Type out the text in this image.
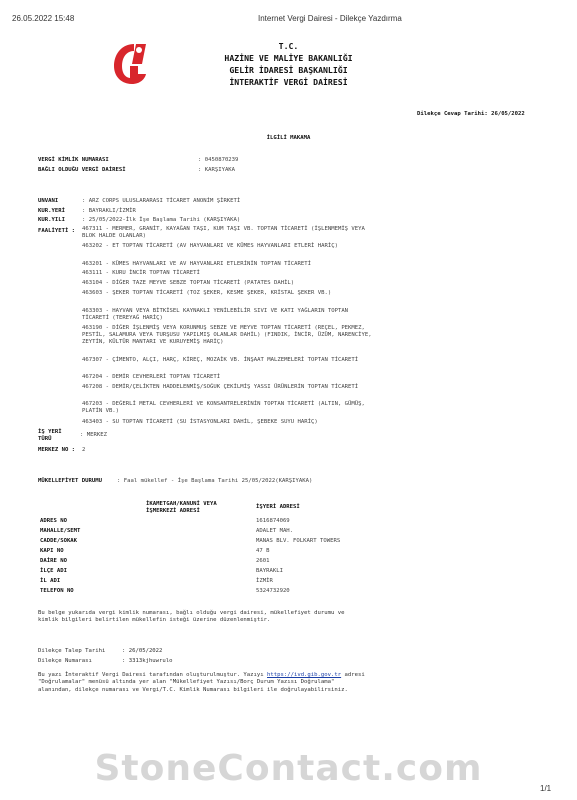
26.05.2022 15:48	Internet Vergi Dairesi - Dilekçe Yazdırma
T.C.
HAZİNE VE MALİYE BAKANLIĞI
GELİR İDARESİ BAŞKANLIĞI
İNTERAKTİF VERGİ DAİRESİ
Dilekçe Cevap Tarihi: 26/05/2022
İLGİLİ MAKAMA
VERGİ KİMLİK NUMARASI	: 0450870239
BAĞLI OLDUĞU VERGİ DAİRESİ	: KARŞIYAKA
UNVANI	: ARZ CORPS ULUSLARARASI TİCARET ANONİM ŞİRKETİ
KUR.YERİ	: BAYRAKLI/İZMİR
KUR.YILI	: 25/05/2022-İlk İşe Başlama Tarihi (KARŞIYAKA)
FAALİYETİ : 467311 - MERMER, GRANİT, KAYAĞAN TAŞI, KUM TAŞI VB. TOPTAN TİCARETİ (İŞLENMEMİŞ VEYA BLOK HALDE OLANLAR)
463202 - ET TOPTAN TİCARETİ (AV HAYVANLARI VE KÜMES HAYVANLARI ETLERİ HARİÇ)
463201 - KÜMES HAYVANLARI VE AV HAYVANLARI ETLERİNİN TOPTAN TİCARETİ
463111 - KURU İNCİR TOPTAN TİCARETİ
463104 - DİĞER TAZE MEYVE SEBZE TOPTAN TİCARETİ (PATATES DAHİL)
463603 - ŞEKER TOPTAN TİCARETİ (TOZ ŞEKER, KESME ŞEKER, KRİSTAL ŞEKER VB.)
463303 - HAYVAN VEYA BİTKİSEL KAYNAKLI YENİLEBİLİR SIVI VE KATI YAĞLARIN TOPTAN TİCARETİ (TEREYAĞ HARİÇ)
463190 - DİĞER İŞLENMİŞ VEYA KORUNMUŞ SEBZE VE MEYVE TOPTAN TİCARETİ (REÇEL, PEKMEZ, PESTİL, SALAMURA VEYA TURŞUSU YAPILMIŞ OLANLAR DAHİL) (FINDIK, İNCİR, ÜZÜM, NARENCİYE, ZEYTİN, KÜLTÜR MANTARI VE KURUYEMİŞ HARİÇ)
467307 - ÇİMENTO, ALÇI, HARÇ, KİREÇ, MOZAİK VB. İNŞAAT MALZEMELERİ TOPTAN TİCARETİ
467204 - DEMİR CEVHERLERİ TOPTAN TİCARETİ
467208 - DEMİR/ÇELİKTEN HADDELENMİŞ/SOĞUK ÇEKİLMİŞ YASSI ÜRÜNLERİN TOPTAN TİCARETİ
467203 - DEĞERLİ METAL CEVHERLERİ VE KONSANTRELERİNİN TOPTAN TİCARETİ (ALTIN, GÜMÜŞ, PLATİN VB.)
463403 - SU TOPTAN TİCARETİ (SU İSTASYONLARI DAHİL, ŞEBEKE SUYU HARİÇ)
İŞ YERİ TÜRÜ
: MERKEZ
MERKEZ NO : 2
MÜKELLEFİYET DURUMU	: Faal mükellef - İşe Başlama Tarihi 25/05/2022(KARŞIYAKA)
İKAMETGAH/KANUNİ VEYA İŞMERKEZİ ADRESİ
İŞYERİ ADRESİ
ADRES NO	1616874069
MAHALLE/SEMT	ADALET MAH.
CADDE/SOKAK	MANAS BLV. FOLKART TOWERS
KAPI NO	47 B
DAİRE NO	2601
İLÇE ADI	BAYRAKLI
İL ADI	İZMİR
TELEFON NO	5324732920
Bu belge yukarıda vergi kimlik numarası, bağlı olduğu vergi dairesi, mükellefiyet durumu ve kimlik bilgileri belirtilen mükellefin isteği üzerine düzenlenmiştir.
Dilekçe Talep Tarihi	: 26/05/2022
Dilekçe Numarası	: 3313kjhuwrulo
Bu yazı İnteraktif Vergi Dairesi tarafından oluşturulmuştur. Yazıyı https://ivd.gib.gov.tr adresi "Doğrulamalar" menüsü altında yer alan "Mükellefiyet Yazısı/Borç Durum Yazısı Doğrulama" alanından, dilekçe numarası ve Vergi/T.C. Kimlik Numarası bilgileri ile doğrulayabilirsiniz.
StoneContact.com	1/1
